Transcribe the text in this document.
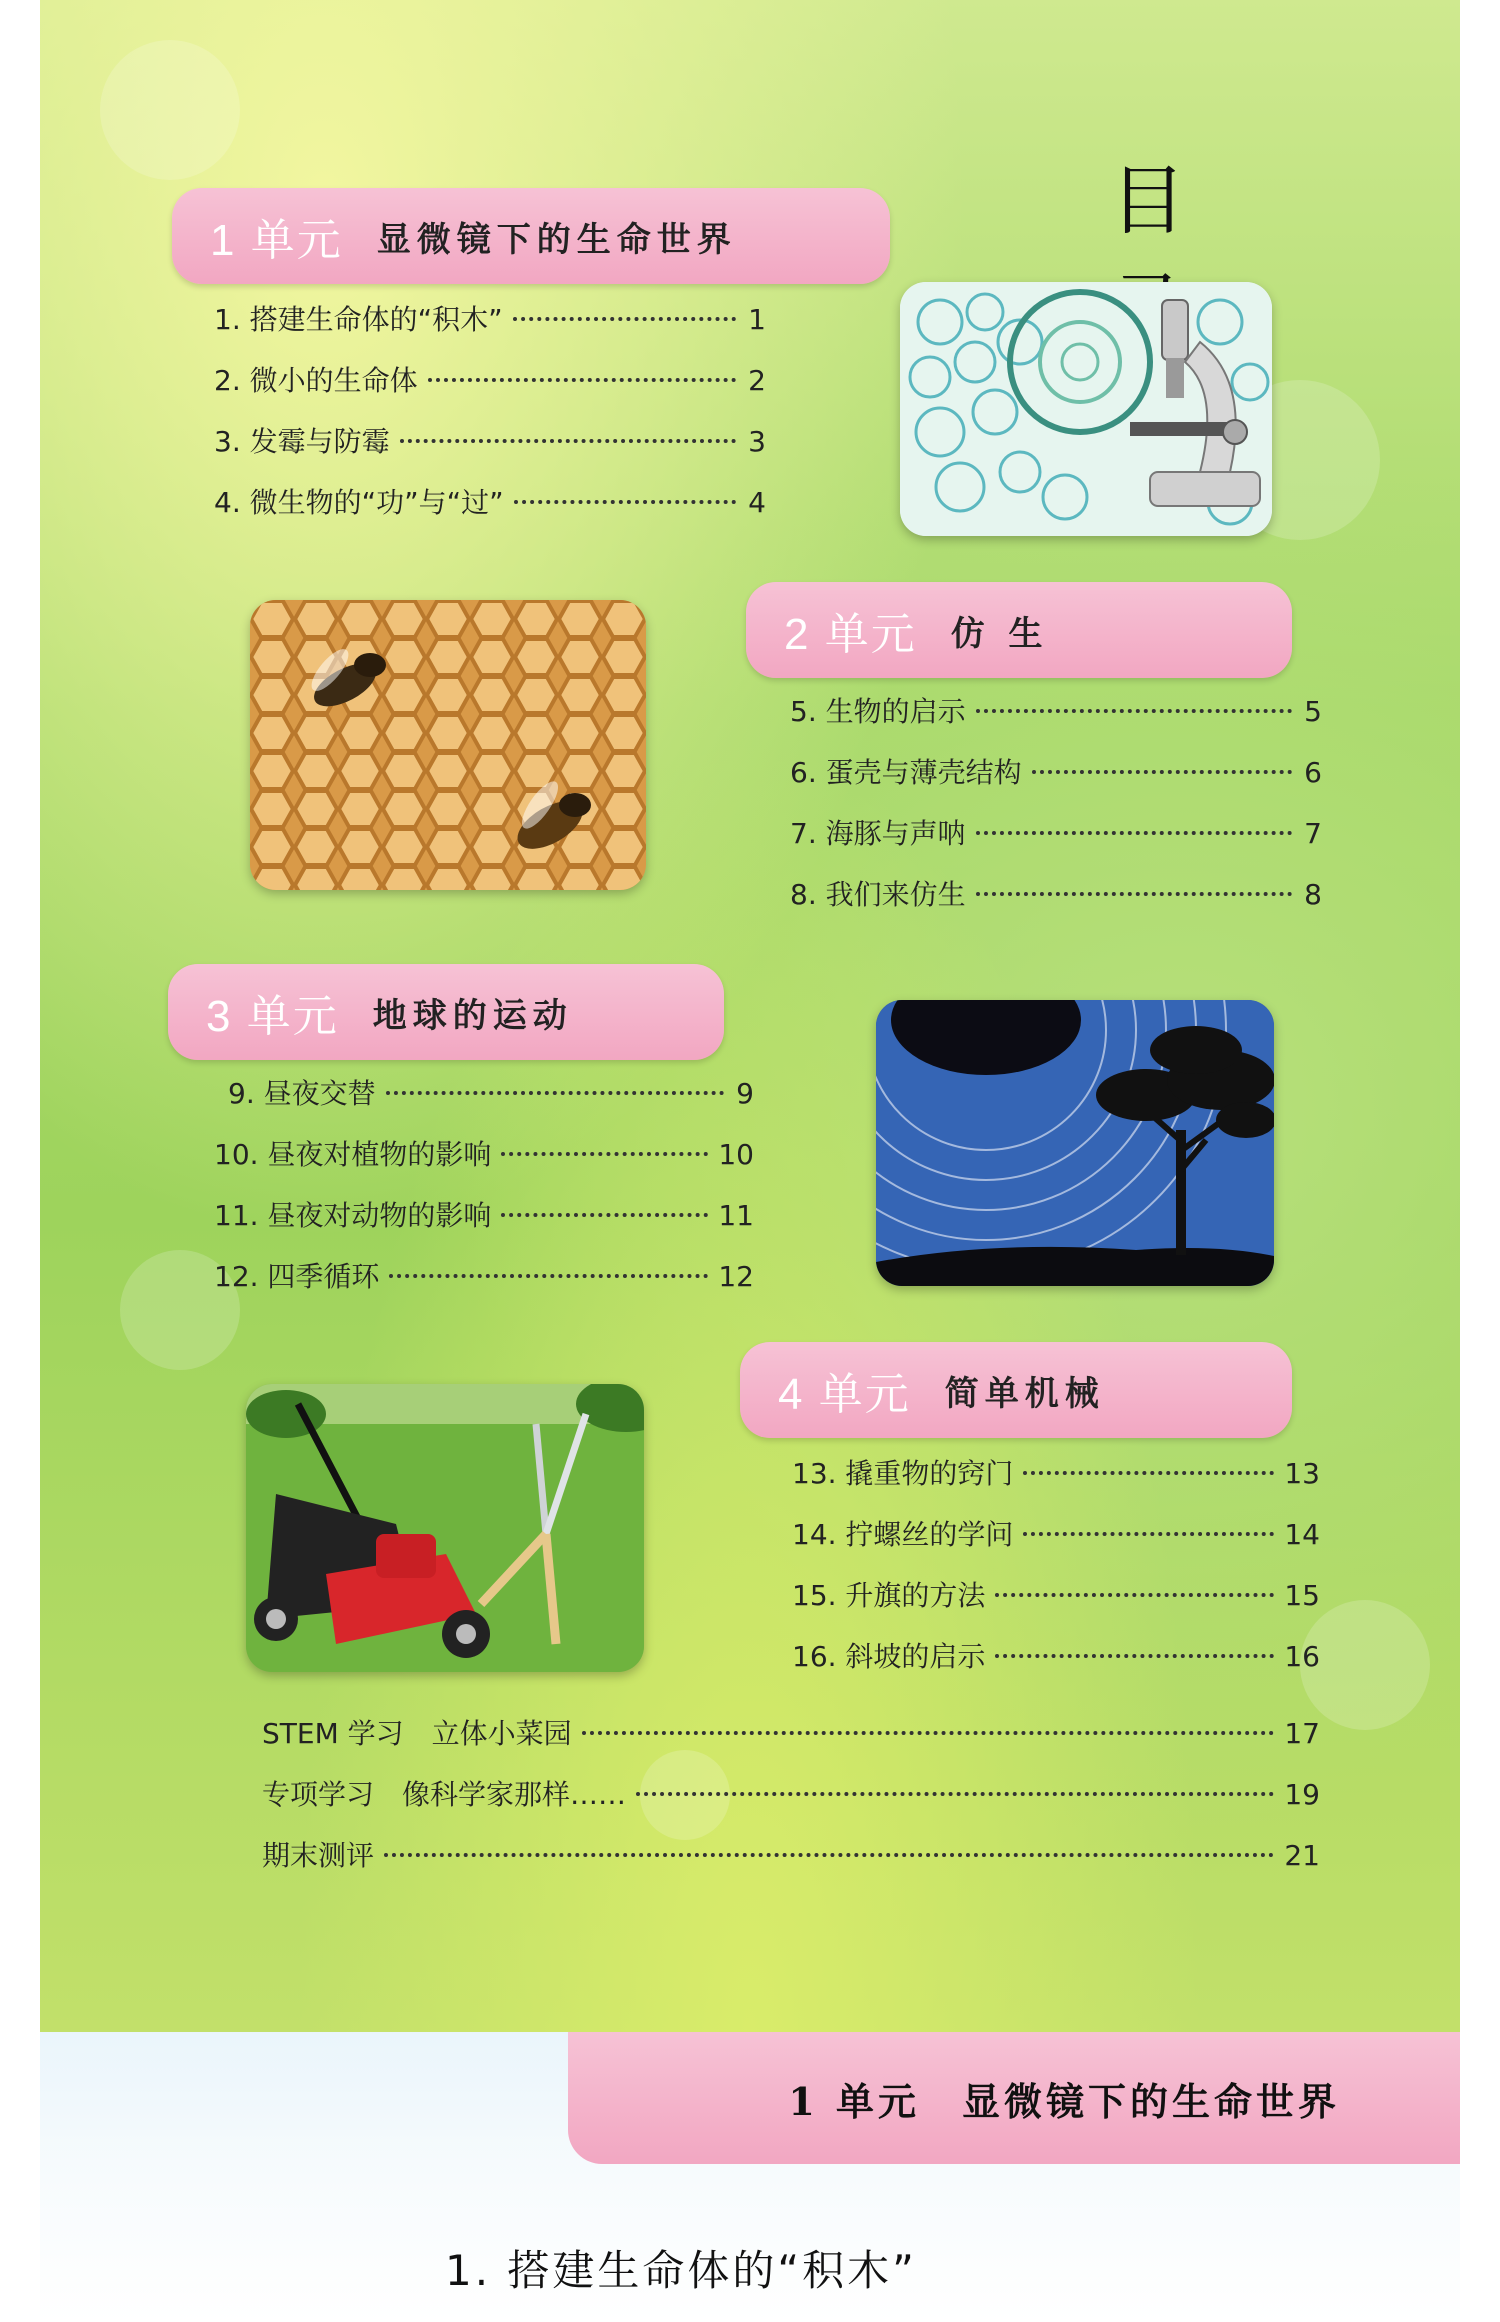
目
1 单元 显微镜下的生命世界
1. 搭建生命体的“积木”	1
2. 微小的生命体	2
3. 发霉与防霉	3
4. 微生物的“功”与“过”	4
2 单元 仿 生
5. 生物的启示	5
6. 蛋壳与薄壳结构	6
7. 海豚与声呐	7
8. 我们来仿生	8
3 单元 地球的运动
9. 昼夜交替	9
10. 昼夜对植物的影响	10
11. 昼夜对动物的影响	11
12. 四季循环	12
4 单元 简单机械
13. 撬重物的窍门	13
14. 拧螺丝的学问	14
15. 升旗的方法	15
16. 斜坡的启示	16
STEM 学习　立体小菜园	17
专项学习　像科学家那样……	19
期末测评	21
1 单元　显微镜下的生命世界
1. 搭建生命体的“积木”
